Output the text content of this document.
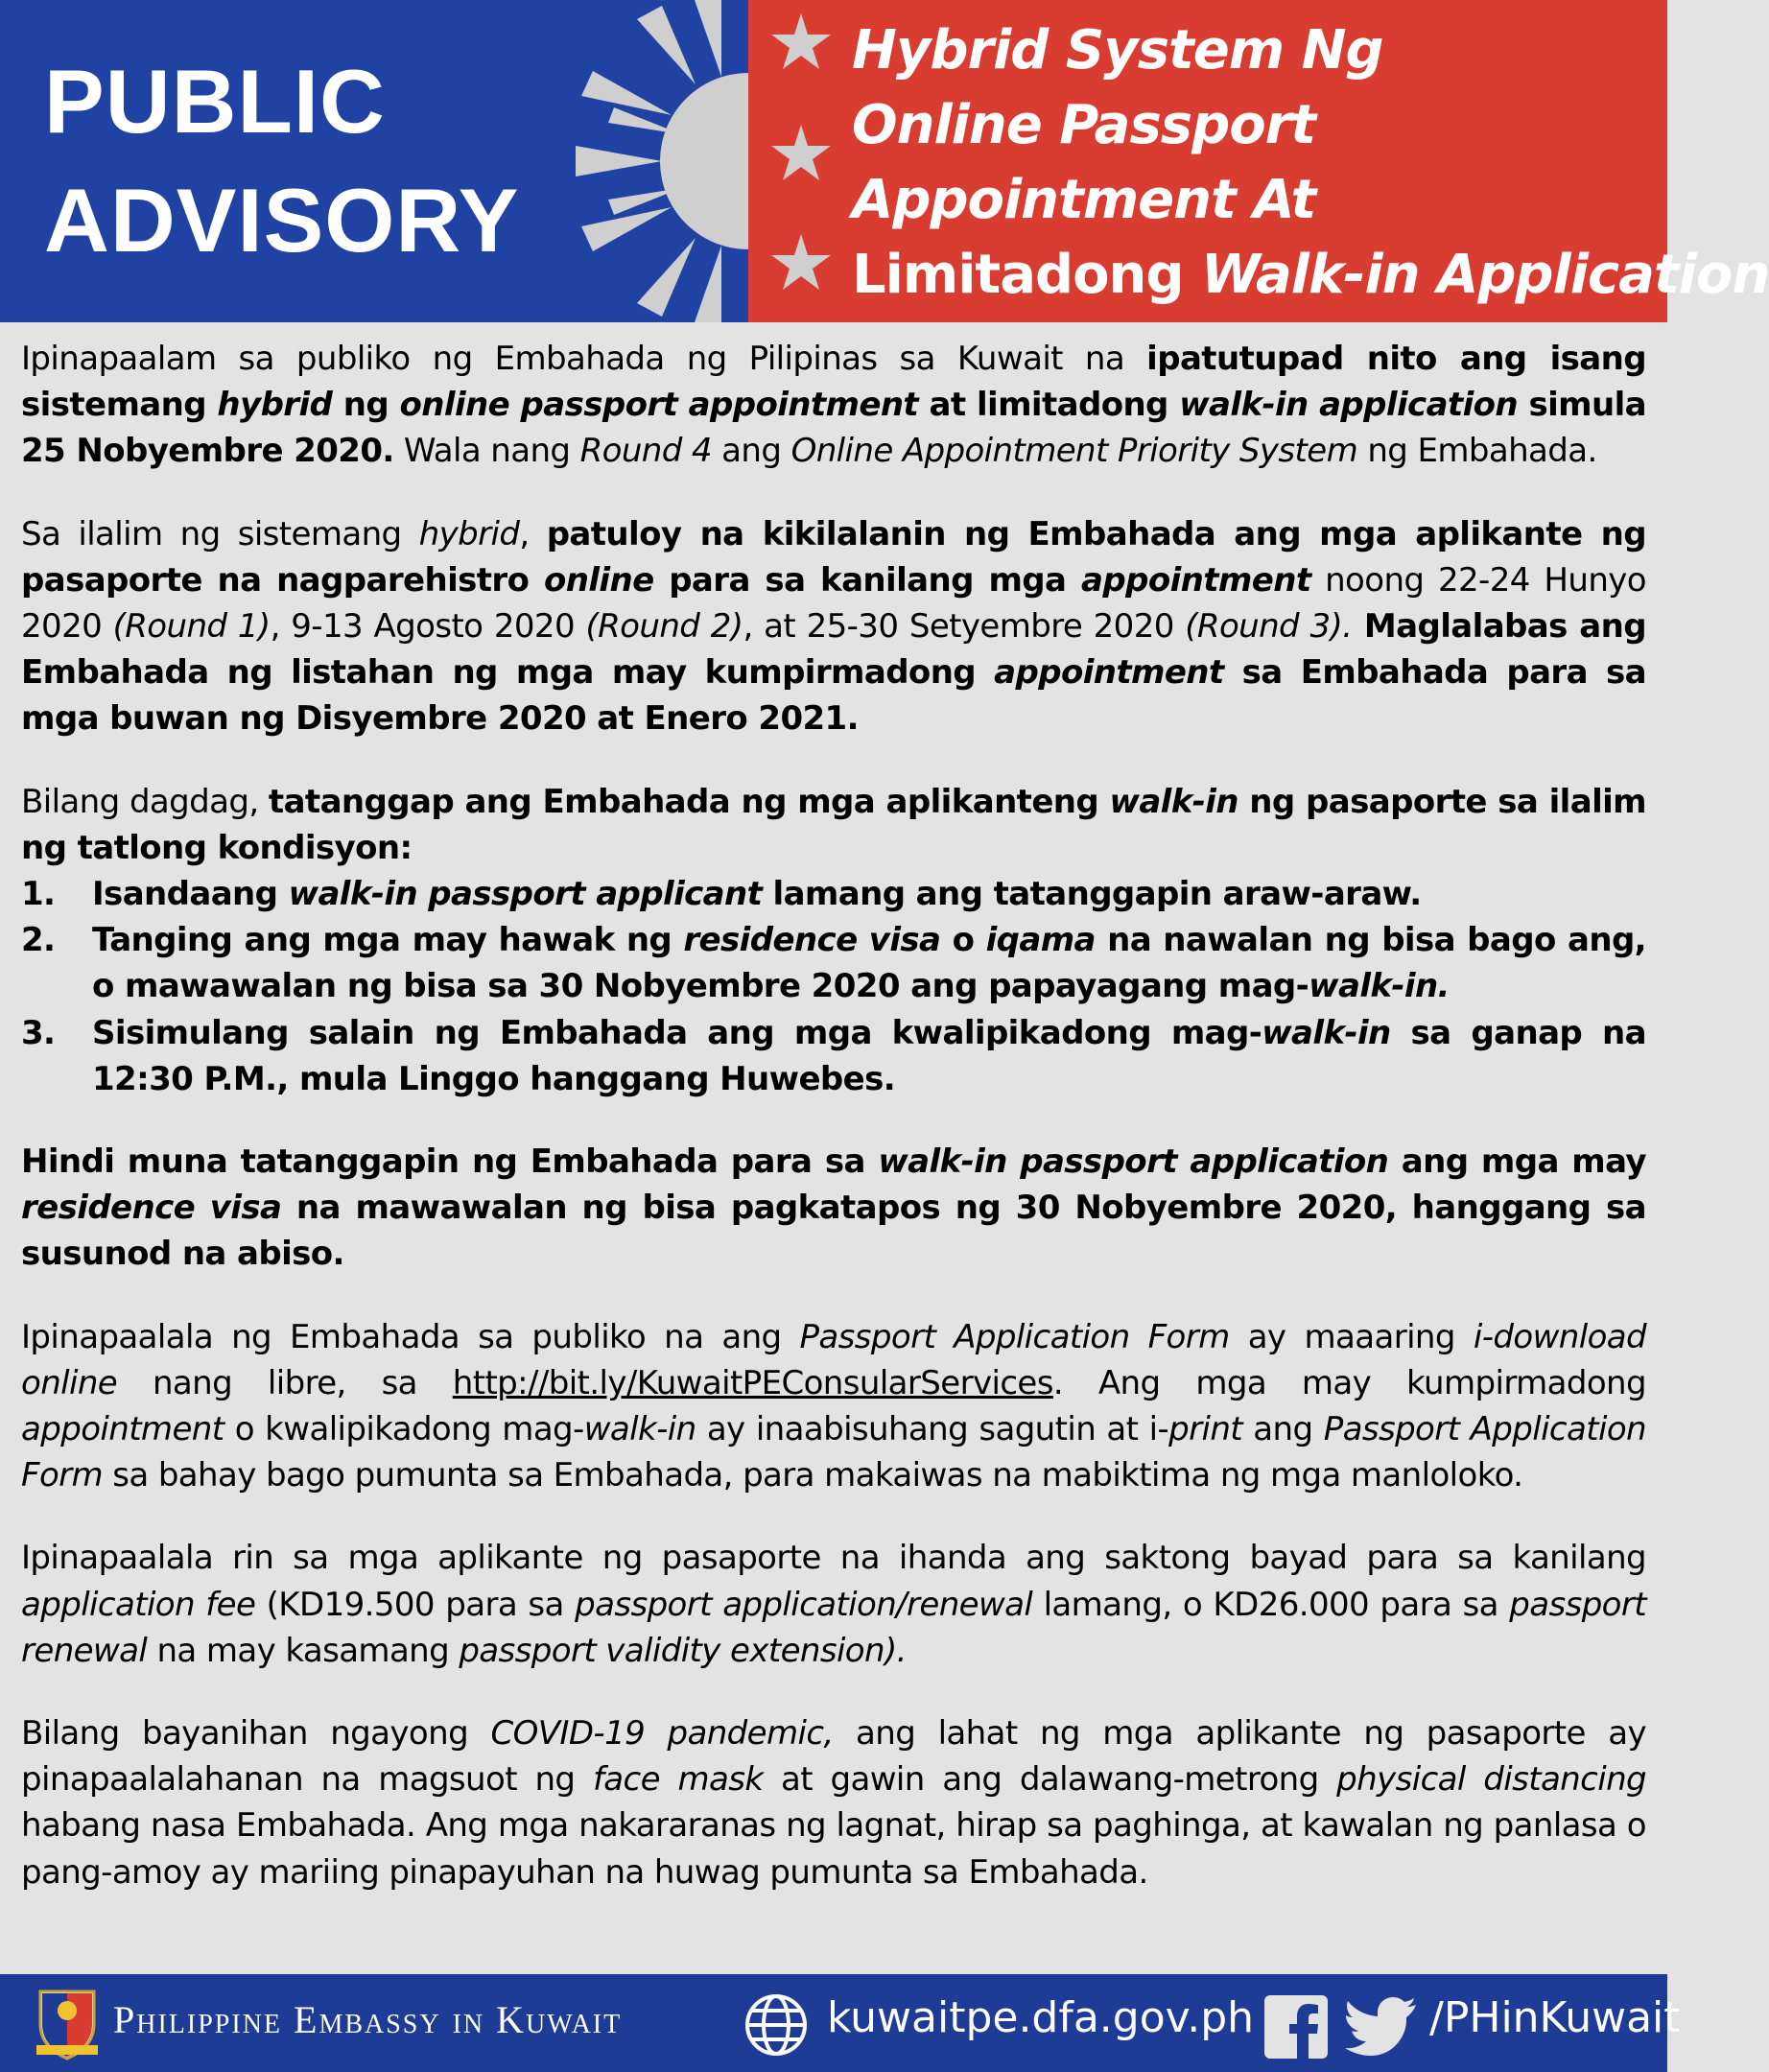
PUBLIC
ADVISORY
Hybrid System Ng
Online Passport
Appointment At
Limitadong Walk-in Application

Ipinapaalam sa publiko ng Embahada ng Pilipinas sa Kuwait na ipatutupad nito ang isang sistemang hybrid ng online passport appointment at limitadong walk-in application simula 25 Nobyembre 2020. Wala nang Round 4 ang Online Appointment Priority System ng Embahada.

Sa ilalim ng sistemang hybrid, patuloy na kikilalanin ng Embahada ang mga aplikante ng pasaporte na nagparehistro online para sa kanilang mga appointment noong 22-24 Hunyo 2020 (Round 1), 9-13 Agosto 2020 (Round 2), at 25-30 Setyembre 2020 (Round 3). Maglalabas ang Embahada ng listahan ng mga may kumpirmadong appointment sa Embahada para sa mga buwan ng Disyembre 2020 at Enero 2021.

Bilang dagdag, tatanggap ang Embahada ng mga aplikanteng walk-in ng pasaporte sa ilalim ng tatlong kondisyon:

1. Isandaang walk-in passport applicant lamang ang tatanggapin araw-araw.
2. Tanging ang mga may hawak ng residence visa o iqama na nawalan ng bisa bago ang, o mawawalan ng bisa sa 30 Nobyembre 2020 ang papayagang mag-walk-in.
3. Sisimulang salain ng Embahada ang mga kwalipikadong mag-walk-in sa ganap na 12:30 P.M., mula Linggo hanggang Huwebes.

Hindi muna tatanggapin ng Embahada para sa walk-in passport application ang mga may residence visa na mawawalan ng bisa pagkatapos ng 30 Nobyembre 2020, hanggang sa susunod na abiso.

Ipinapaalala ng Embahada sa publiko na ang Passport Application Form ay maaaring i-download online nang libre, sa http://bit.ly/KuwaitPEConsularServices. Ang mga may kumpirmadong appointment o kwalipikadong mag-walk-in ay inaabisuhang sagutin at i-print ang Passport Application Form sa bahay bago pumunta sa Embahada, para makaiwas na mabiktima ng mga manloloko.

Ipinapaalala rin sa mga aplikante ng pasaporte na ihanda ang saktong bayad para sa kanilang application fee (KD19.500 para sa passport application/renewal lamang, o KD26.000 para sa passport renewal na may kasamang passport validity extension).

Bilang bayanihan ngayong COVID-19 pandemic, ang lahat ng mga aplikante ng pasaporte ay pinapaalalahanan na magsuot ng face mask at gawin ang dalawang-metrong physical distancing habang nasa Embahada. Ang mga nakararanas ng lagnat, hirap sa paghinga, at kawalan ng panlasa o pang-amoy ay mariing pinapayuhan na huwag pumunta sa Embahada.

Philippine Embassy in Kuwait	kuwaitpe.dfa.gov.ph	/PHinKuwait
